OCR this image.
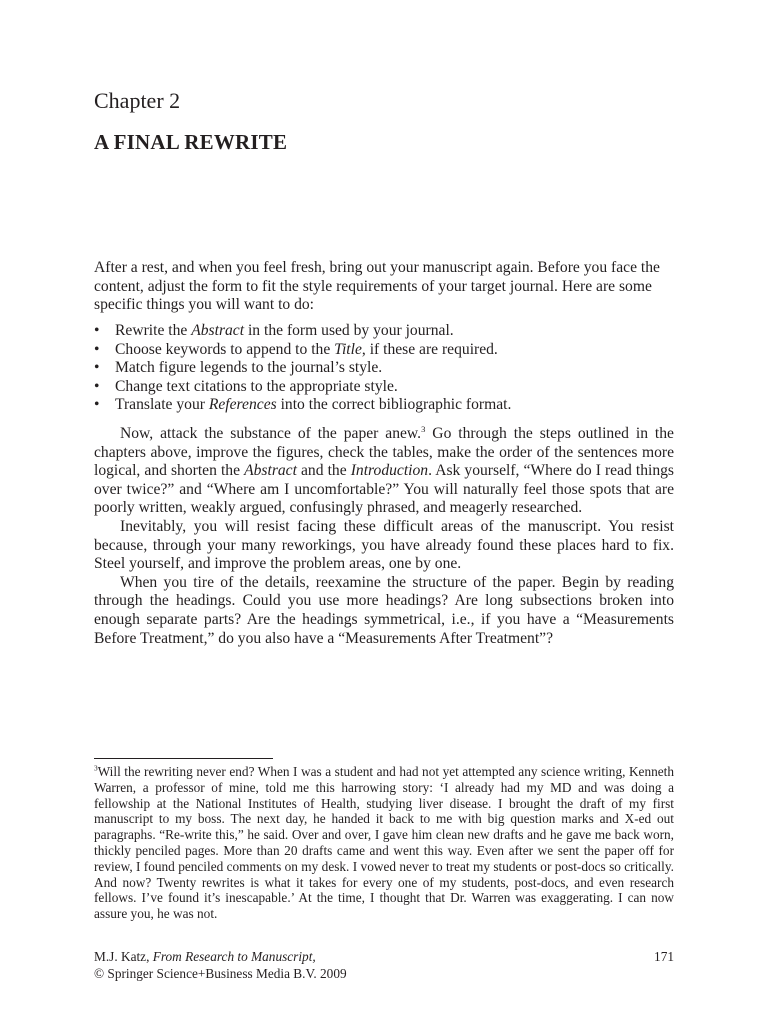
Chapter 2
A FINAL REWRITE

After a rest, and when you feel fresh, bring out your manuscript again. Before you face the content, adjust the form to fit the style requirements of your target journal. Here are some specific things you will want to do:

• Rewrite the Abstract in the form used by your journal.
• Choose keywords to append to the Title, if these are required.
• Match figure legends to the journal’s style.
• Change text citations to the appropriate style.
• Translate your References into the correct bibliographic format.

Now, attack the substance of the paper anew.$^3$ Go through the steps outlined in the chapters above, improve the figures, check the tables, make the order of the sentences more logical, and shorten the Abstract and the Introduction. Ask yourself, “Where do I read things over twice?” and “Where am I uncomfortable?” You will naturally feel those spots that are poorly written, weakly argued, confusingly phrased, and meagerly researched.

Inevitably, you will resist facing these difficult areas of the manuscript. You resist because, through your many reworkings, you have already found these places hard to fix. Steel yourself, and improve the problem areas, one by one.

When you tire of the details, reexamine the structure of the paper. Begin by reading through the headings. Could you use more headings? Are long subsections broken into enough separate parts? Are the headings symmetrical, i.e., if you have a “Measurements Before Treatment,” do you also have a “Measurements After Treatment”?

$^3$Will the rewriting never end? When I was a student and had not yet attempted any science writing, Kenneth Warren, a professor of mine, told me this harrowing story: ‘I already had my MD and was doing a fellowship at the National Institutes of Health, studying liver disease. I brought the draft of my first manuscript to my boss. The next day, he handed it back to me with big question marks and X-ed out paragraphs. “Re-write this,” he said. Over and over, I gave him clean new drafts and he gave me back worn, thickly penciled pages. More than 20 drafts came and went this way. Even after we sent the paper off for review, I found penciled comments on my desk. I vowed never to treat my students or post-docs so critically. And now? Twenty rewrites is what it takes for every one of my students, post-docs, and even research fellows. I’ve found it’s inescapable.’ At the time, I thought that Dr. Warren was exaggerating. I can now assure you, he was not.

M.J. Katz, From Research to Manuscript,
© Springer Science+Business Media B.V. 2009
171
